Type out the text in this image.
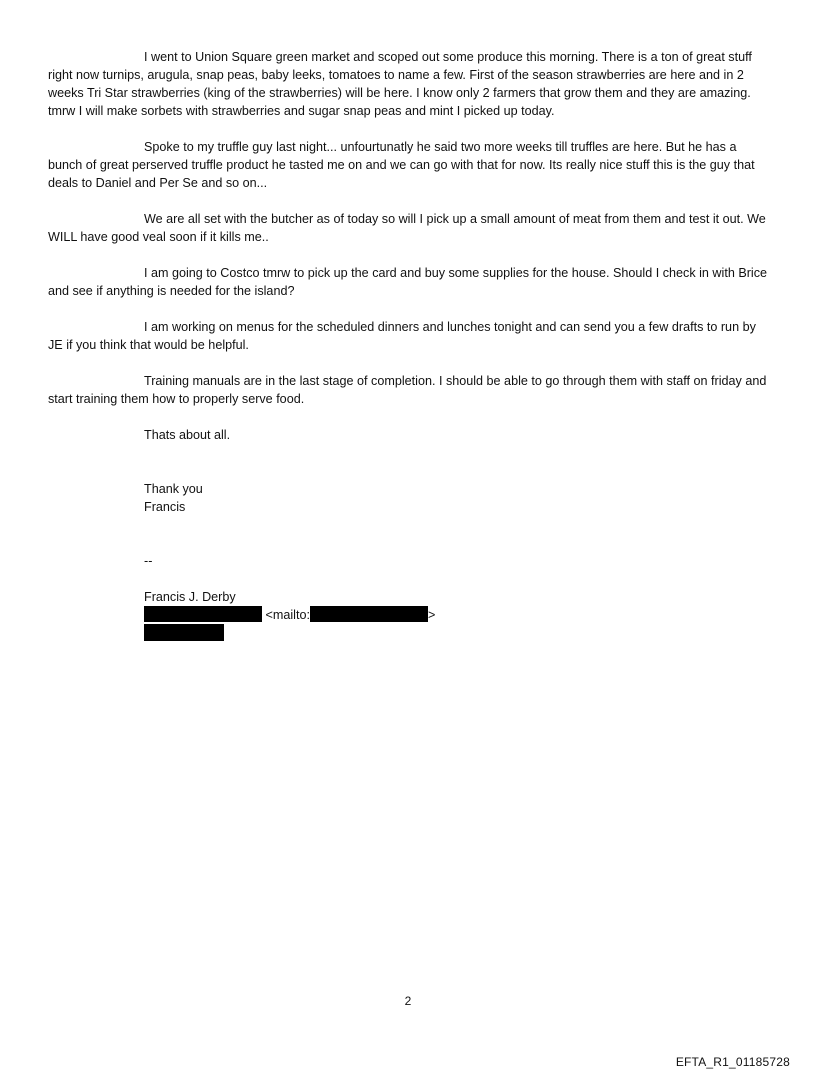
I went to Union Square green market and scoped out some produce this morning. There is a ton of great stuff right now turnips, arugula, snap peas, baby leeks, tomatoes to name a few. First of the season strawberries are here and in 2 weeks Tri Star strawberries (king of the strawberries) will be here. I know only 2 farmers that grow them and they are amazing. tmrw I will make sorbets with strawberries and sugar snap peas and mint I picked up today.

Spoke to my truffle guy last night... unfourtunatly he said two more weeks till truffles are here. But he has a bunch of great perserved truffle product he tasted me on and we can go with that for now. Its really nice stuff this is the guy that deals to Daniel and Per Se and so on...

We are all set with the butcher as of today so will I pick up a small amount of meat from them and test it out. We WILL have good veal soon if it kills me..

I am going to Costco tmrw to pick up the card and buy some supplies for the house. Should I check in with Brice and see if anything is needed for the island?

I am working on menus for the scheduled dinners and lunches tonight and can send you a few drafts to run by JE if you think that would be helpful.

Training manuals are in the last stage of completion. I should be able to go through them with staff on friday and start training them how to properly serve food.

Thats about all.

Thank you

Francis

--

Francis J. Derby

<mailto:	>

2
EFTA_R1_01185728
